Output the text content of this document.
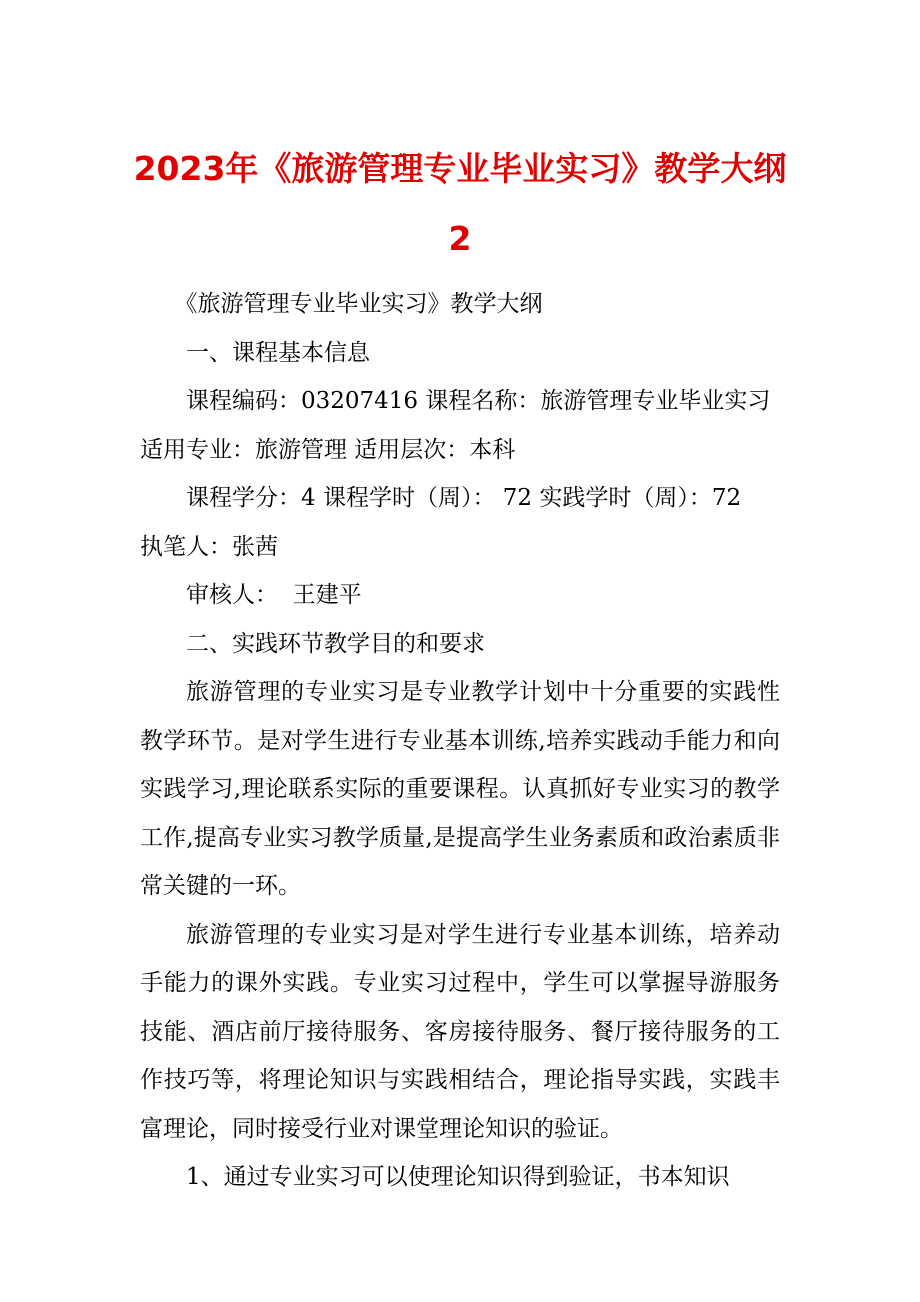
2023年《旅游管理专业毕业实习》教学大纲
2

《旅游管理专业毕业实习》教学大纲

一、课程基本信息

课程编码：03207416 课程名称：旅游管理专业毕业实习

适用专业：旅游管理 适用层次：本科

课程学分：4 课程学时（周）： 72 实践学时（周）：72

执笔人：张茜

审核人：  王建平

二、实践环节教学目的和要求

旅游管理的专业实习是专业教学计划中十分重要的实践性教学环节。是对学生进行专业基本训练,培养实践动手能力和向实践学习,理论联系实际的重要课程。认真抓好专业实习的教学工作,提高专业实习教学质量,是提高学生业务素质和政治素质非常关键的一环。

旅游管理的专业实习是对学生进行专业基本训练，培养动手能力的课外实践。专业实习过程中，学生可以掌握导游服务技能、酒店前厅接待服务、客房接待服务、餐厅接待服务的工作技巧等，将理论知识与实践相结合，理论指导实践，实践丰富理论，同时接受行业对课堂理论知识的验证。

1、通过专业实习可以使理论知识得到验证，书本知识
